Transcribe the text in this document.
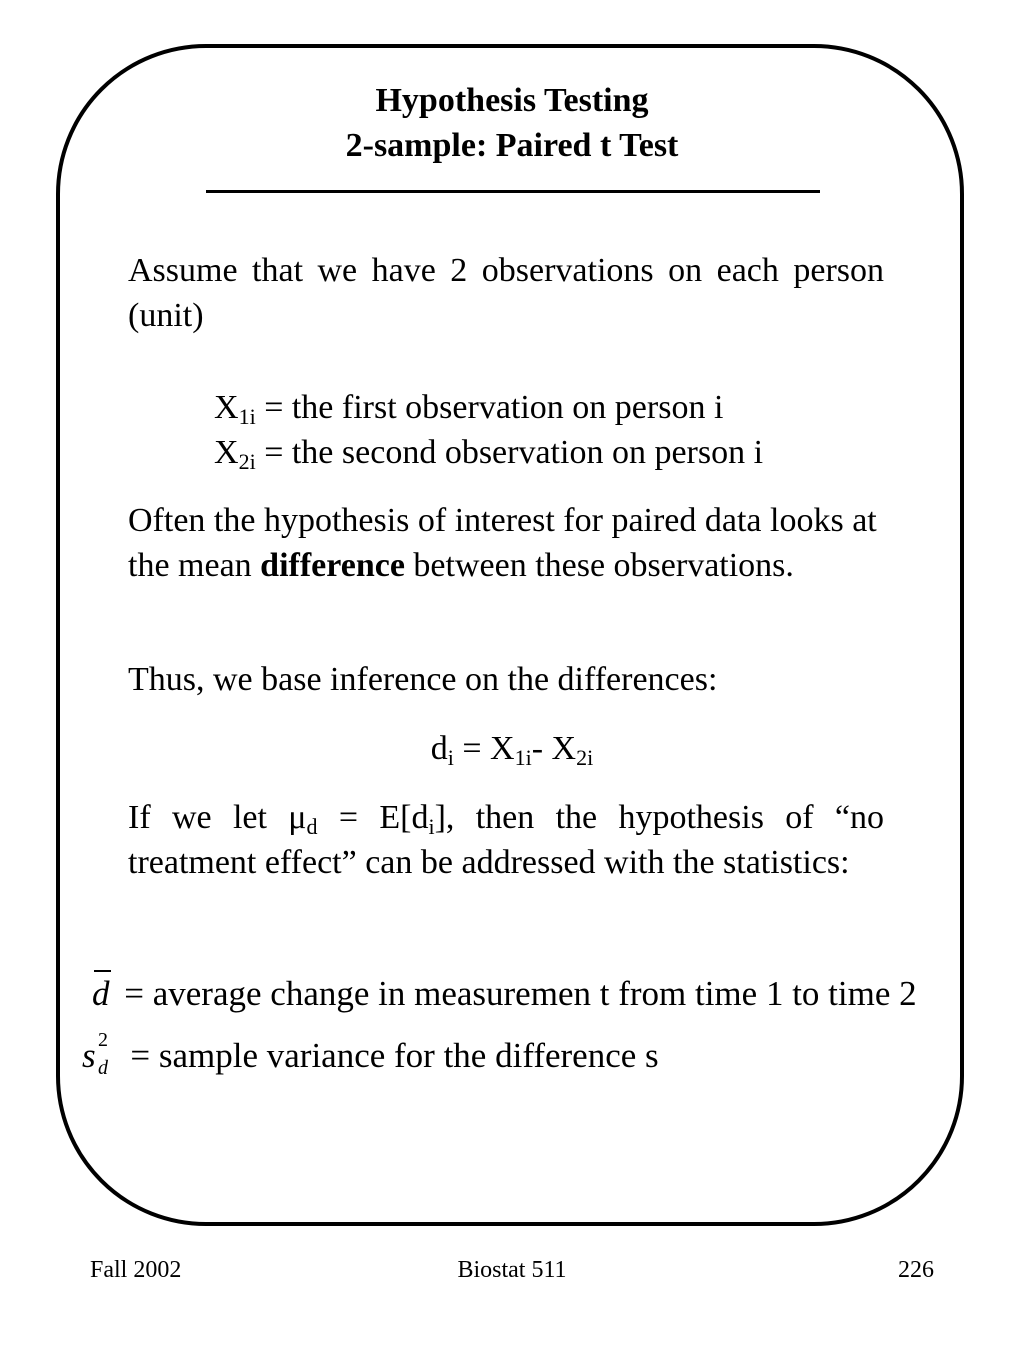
Hypothesis Testing
2-sample: Paired t Test

Assume that we have 2 observations on each person (unit)

$X_{1i}$ = the first observation on person i
$X_{2i}$ = the second observation on person i

Often the hypothesis of interest for paired data looks at the mean difference between these observations.

Thus, we base inference on the differences:

$d_i = X_{1i}-$ $X_{2i}$

If we let $\mu_d = E[d_i]$, then the hypothesis of “no treatment effect” can be addressed with the statistics:

d = average change in measuremen t from time 1 to time 2
s 2
d = sample variance for the difference s
Fall 2002	Biostat 511	226
